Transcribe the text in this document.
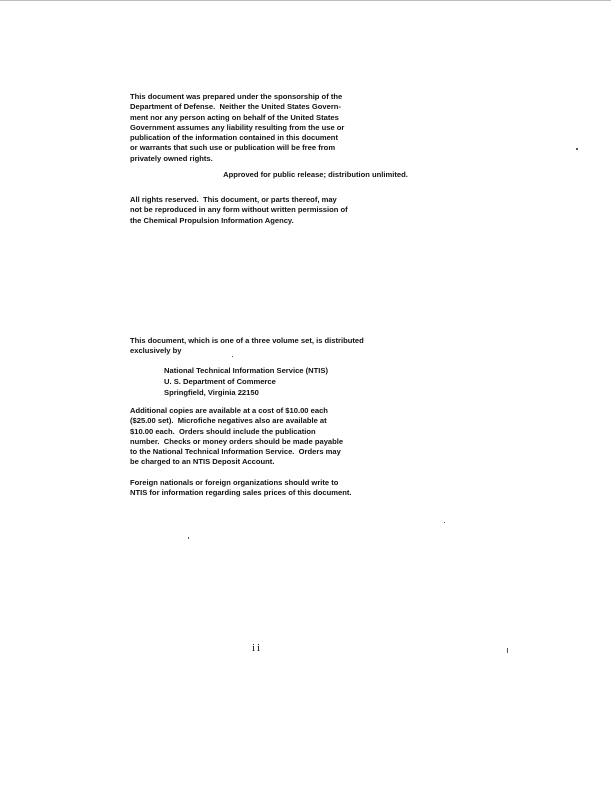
This document was prepared under the sponsorship of the

Department of Defense.  Neither the United States Govern-

ment nor any person acting on behalf of the United States

Government assumes any liability resulting from the use or

publication of the information contained in this document

or warrants that such use or publication will be free from

privately owned rights.

Approved for public release; distribution unlimited.

All rights reserved.  This document, or parts thereof, may

not be reproduced in any form without written permission of

the Chemical Propulsion Information Agency.

This document, which is one of a three volume set, is distributed

exclusively by

National Technical Information Service (NTIS)

U. S. Department of Commerce

Springfield, Virginia 22150

Additional copies are available at a cost of $10.00 each

($25.00 set).  Microfiche negatives also are available at

$10.00 each.  Orders should include the publication

number.  Checks or money orders should be made payable

to the National Technical Information Service.  Orders may

be charged to an NTIS Deposit Account.

Foreign nationals or foreign organizations should write to

NTIS for information regarding sales prices of this document.

ii
